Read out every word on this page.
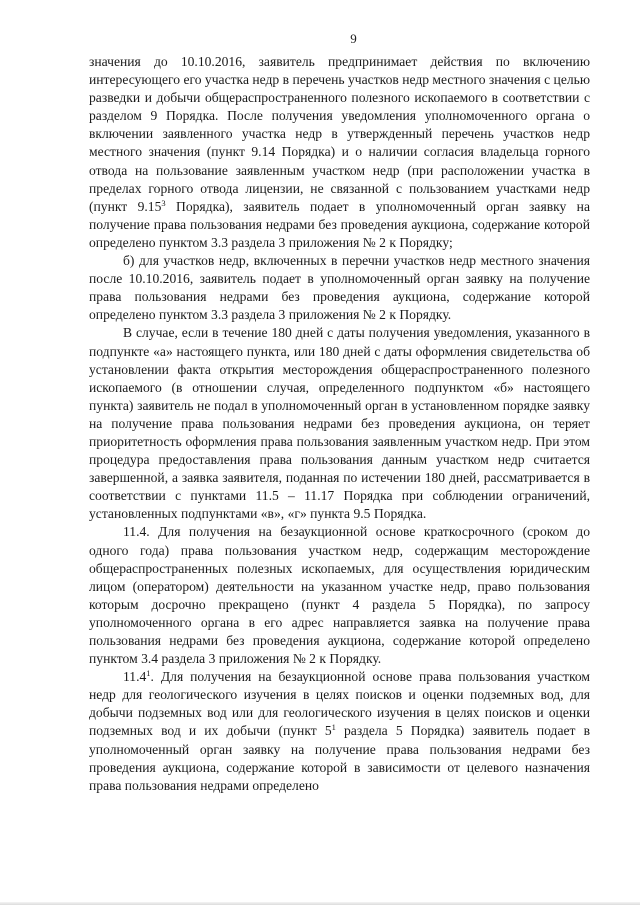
9

значения до 10.10.2016, заявитель предпринимает действия по включению интересующего его участка недр в перечень участков недр местного значения с целью разведки и добычи общераспространенного полезного ископаемого в соответствии с разделом 9 Порядка. После получения уведомления уполномоченного органа о включении заявленного участка недр в утвержденный перечень участков недр местного значения (пункт 9.14 Порядка) и о наличии согласия владельца горного отвода на пользование заявленным участком недр (при расположении участка в пределах горного отвода лицензии, не связанной с пользованием участками недр (пункт 9.15$^3$ Порядка), заявитель подает в уполномоченный орган заявку на получение права пользования недрами без проведения аукциона, содержание которой определено пунктом 3.3 раздела 3 приложения № 2 к Порядку;

б) для участков недр, включенных в перечни участков недр местного значения после 10.10.2016, заявитель подает в уполномоченный орган заявку на получение права пользования недрами без проведения аукциона, содержание которой определено пунктом 3.3 раздела 3 приложения № 2 к Порядку.

В случае, если в течение 180 дней с даты получения уведомления, указанного в подпункте «а» настоящего пункта, или 180 дней с даты оформления свидетельства об установлении факта открытия месторождения общераспространенного полезного ископаемого (в отношении случая, определенного подпунктом «б» настоящего пункта) заявитель не подал в уполномоченный орган в установленном порядке заявку на получение права пользования недрами без проведения аукциона, он теряет приоритетность оформления права пользования заявленным участком недр. При этом процедура предоставления права пользования данным участком недр считается завершенной, а заявка заявителя, поданная по истечении 180 дней, рассматривается в соответствии с пунктами 11.5 – 11.17 Порядка при соблюдении ограничений, установленных подпунктами «в», «г» пункта 9.5 Порядка.

11.4. Для получения на безаукционной основе краткосрочного (сроком до одного года) права пользования участком недр, содержащим месторождение общераспространенных полезных ископаемых, для осуществления юридическим лицом (оператором) деятельности на указанном участке недр, право пользования которым досрочно прекращено (пункт 4 раздела 5 Порядка), по запросу уполномоченного органа в его адрес направляется заявка на получение права пользования недрами без проведения аукциона, содержание которой определено пунктом 3.4 раздела 3 приложения № 2 к Порядку.

11.4$^1$. Для получения на безаукционной основе права пользования участком недр для геологического изучения в целях поисков и оценки подземных вод, для добычи подземных вод или для геологического изучения в целях поисков и оценки подземных вод и их добычи (пункт $5^1$ раздела 5 Порядка) заявитель подает в уполномоченный орган заявку на получение права пользования недрами без проведения аукциона, содержание которой в зависимости от целевого назначения права пользования недрами определено
